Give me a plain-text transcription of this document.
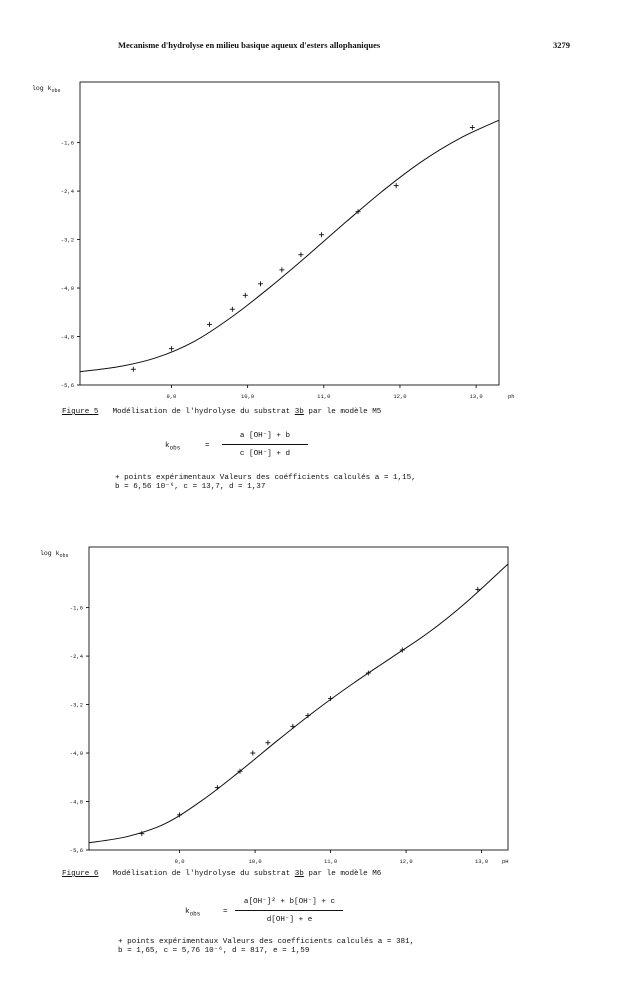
Mecanisme d'hydrolyse en milieu basique aqueux d'esters allophaniques	3279
$\log k_{obs}$
-1,6
-2,4
-3,2
-4,0
-4,8
-5,6
9,0	10,0	11,0	12,0	13,0	ph
Figure 5 Modélisation de l'hydrolyse du substrat 3b par le modèle M5
$k_{obs}$	=
a [OH⁻] + b
c [OH⁻] + d
+ points expérimentaux Valeurs des coéfficients calculés a = 1,15,
b = 6,56 10⁻⁶, c = 13,7, d = 1,37
$\log k_{obs}$
-1,6
-2,4
-3,2
-4,0
-4,8
-5,6
9,0	10,0	11,0	12,0	13,0	pH
Figure 6 Modélisation de l'hydrolyse du substrat 3b par le modèle M6
$k_{obs}$	=
a[OH⁻]² + b[OH⁻] + c
d[OH⁻] + e
+ points expérimentaux Valeurs des coefficients calculés a = 381,
b = 1,65, c = 5,76 10⁻⁶, d = 817, e = 1,59
